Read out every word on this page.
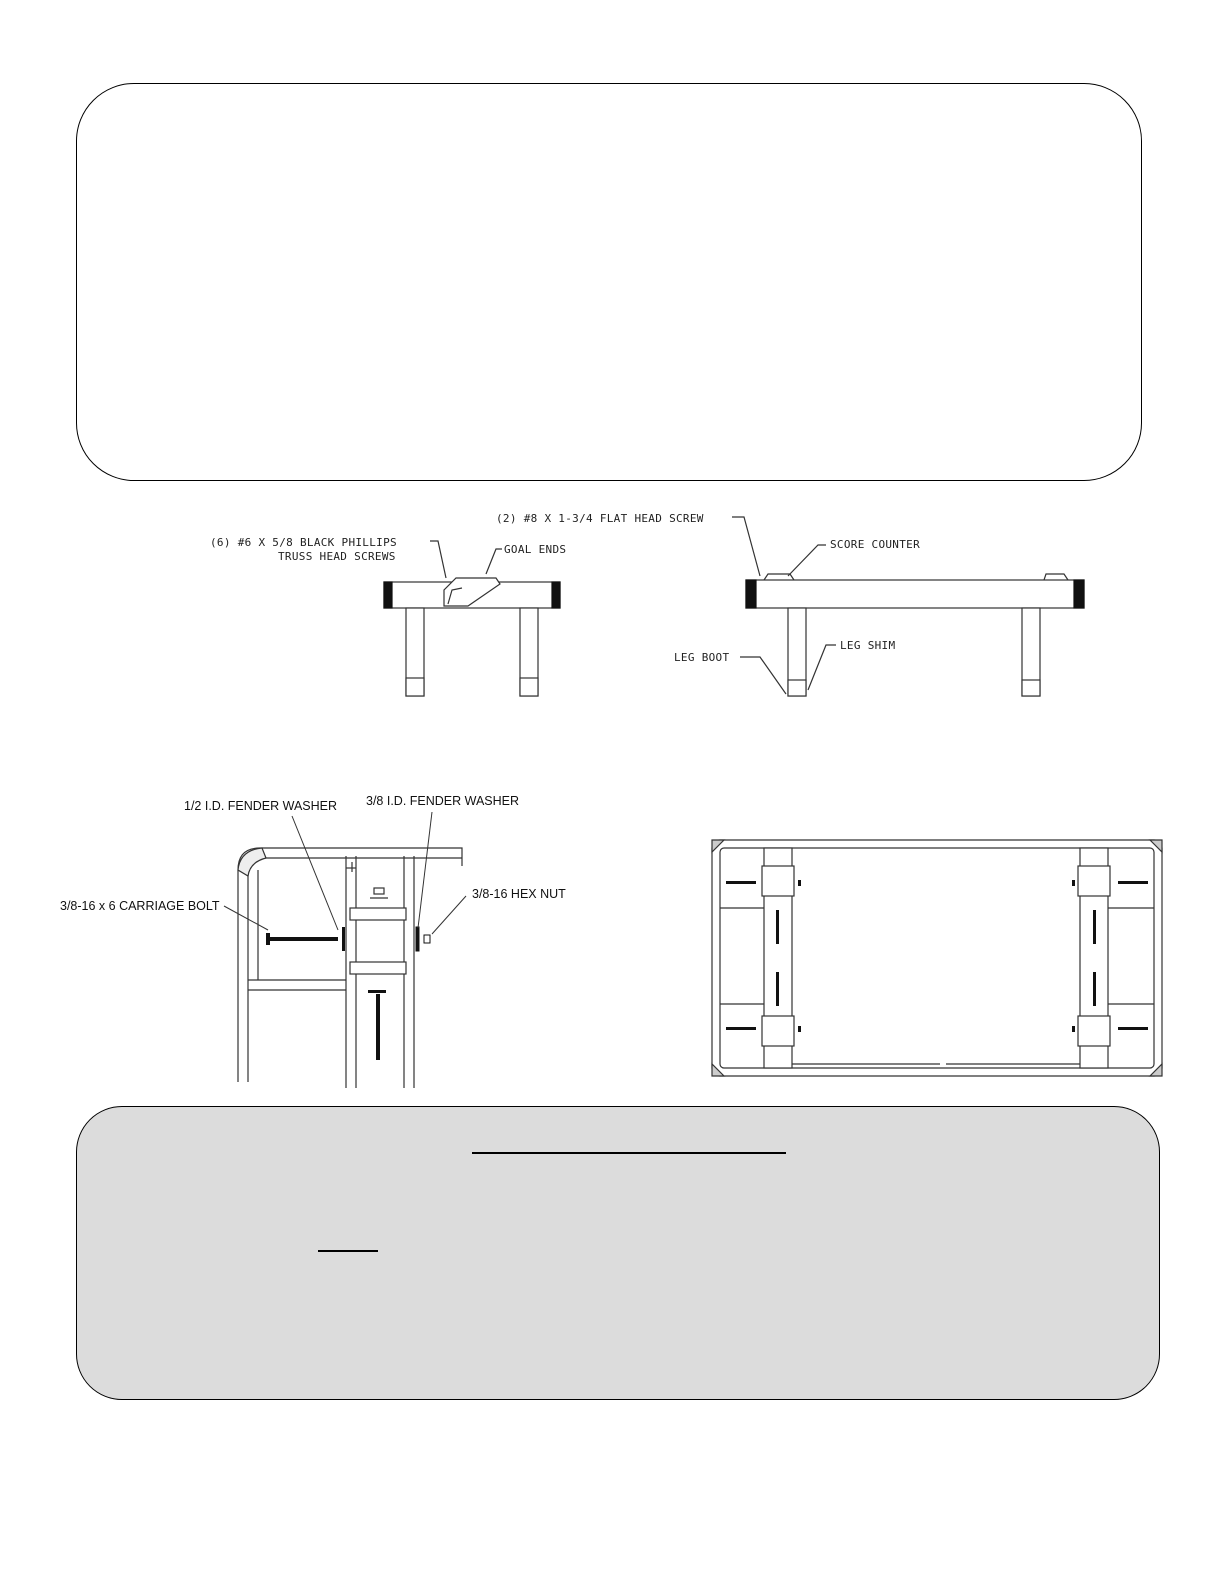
(6) #6 X 5/8 BLACK PHILLIPS
TRUSS HEAD SCREWS
GOAL ENDS
(2) #8 X 1-3/4 FLAT HEAD SCREW
SCORE COUNTER
LEG BOOT
LEG SHIM
1/2 I.D. FENDER WASHER 3/8 I.D. FENDER WASHER
3/8-16 x 6 CARRIAGE BOLT
3/8-16 HEX NUT
